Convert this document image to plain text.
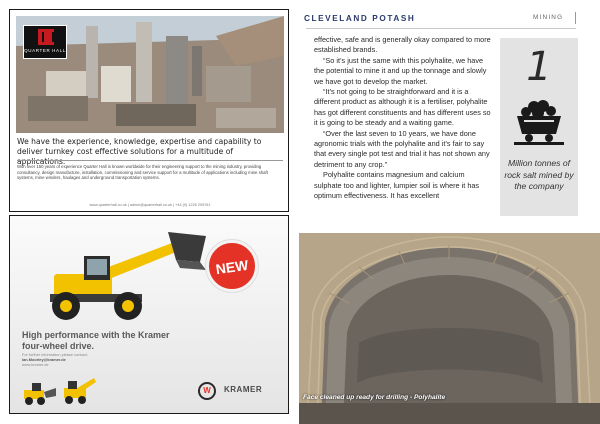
QUARTER HALL
We have the experience, knowledge, expertise and capability to deliver turnkey cost effective solutions for a multitude of applications.
With over 150 years of experience Quarter Hall is known worldwide for their engineering support to the mining industry, providing consultancy, design manufacture, installation, commissioning and service support for a multitude of applications including mine shaft systems, mine winders, haulages and underground transportation systems.
www.quarterhall.co.uk | admin@quarterhall.co.uk | +44 (0) 1226 205761
NEW
High performance with the Kramer four-wheel drive.
For further information please contact:
lan.Moorley@kramer.de
www.kramer.de
W	KRAMER
CLEVELAND POTASH	MINING

effective, safe and is generally okay compared to more established brands.

“So it’s just the same with this polyhalite, we have the potential to mine it and up the tonnage and slowly we have got to develop the market.

“It’s not going to be straightforward and it is a different product as although it is a fertiliser, polyhalite has got different constituents and has different uses so it is going to be steady and a waiting game.

“Over the last seven to 10 years, we have done agronomic trials with the polyhalite and it’s fair to say that every single pot test and trial it has not shown any detriment to any crop.”

Polyhalite contains magnesium and calcium sulphate too and lighter, lumpier soil is where it has optimum effectiveness. It has excellent

1
Million tonnes of rock salt mined by the company
Face cleaned up ready for drilling - Polyhalite
